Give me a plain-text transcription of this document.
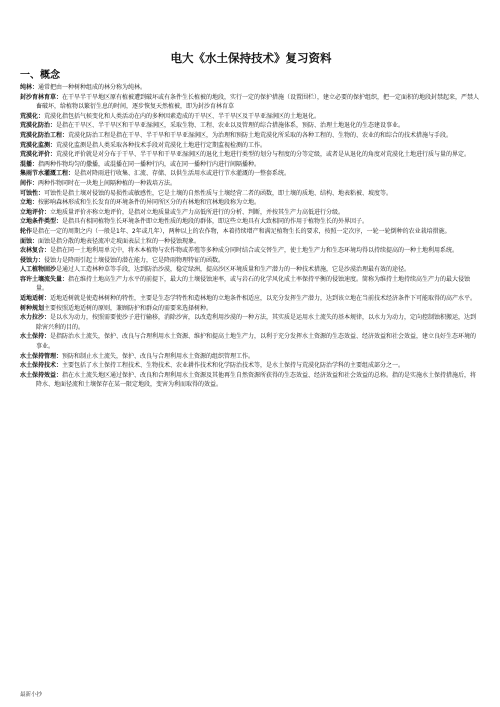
电大《水土保持技术》复习资料
一、概念

纯林：通常把由一种树种组成的林分称为纯林。

封沙育林育草：在干旱半干旱地区原有植被遭到破坏或有条件生长植被的地段，实行一定的保护措施（设置围栏），建立必要的保护组织，把一定面积的地段封禁起来，严禁人畜破坏，给植物以繁衍生息的时间，逐步恢复天然植被，即为封沙育林育草

荒漠化：荒漠化指包括气候变化和人类活动在内的多种因素造成的干旱区、半干旱区及干旱亚湿润区的土地退化。

荒漠化防治：是指在干旱区、半干旱区和干旱亚湿润区，采取生物、工程、农业以及管理的综合措施体系，预防、治理土地退化的生态建设事业。

荒漠化防治工程：荒漠化防治工程是指在干旱、半干旱和干旱亚湿润区，为治理和预防土地荒漠化所采取的各种工程的、生物的、农业的和综合的技术措施与手段。

荒漠化监测：荒漠化监测是指人类采取各种技术手段对荒漠化土地进行定期监视检测的工作。

荒漠化评价：荒漠化评价就是对分布于干旱、半干旱和干旱亚湿润区的退化土地进行类型的划分与程度的分等定级，或者是从退化的角度对荒漠化土地进行质与量的界定。

混播：指两种作物均匀的撒播，或混播在同一播种行内，或在同一播种行内进行间隔播种。

集雨节水灌溉工程：是指对降雨进行收集、汇流、存储、以供生活用水或进行节水灌溉的一整套系统。

间作：两种作物同时在一块地上间隔种植的一种栽培方法。

可蚀性：可蚀性是指土壤对侵蚀的易损性或敏感性，它是土壤的自然性质与土壤经营二者的函数，即土壤的质地、结构、地表粘被、坡度等。

立地：按影响森林形成和生长发育的环境条件的异同所区分的有林地和宜林地段称为立地。

立地评价：立地质量评价亦称立地评价，是指对立地质量或生产力高低所进行的分析、判断，并按其生产力高低进行分级。

立地条件类型：是指具有相同植物生长环境条件即立地性质的地段的群体，即这些立地具有大致相同的作用于植物生长的外界因子。

轮作是指在一定的周期之内（一般是1年、2年或几年），两种以上的农作物，本着持续增产和满足植物生长的要求，按照一定次序，一轮一轮倒种的农业栽培措施。

面蚀：面蚀是指分散的地表径流冲走坡面表层土粒的一种侵蚀现象。

农林复合：是指在同一土地利用单元中，将木本植物与农作物或养殖等多种成分同时结合或交替生产，使土地生产力和生态环境均得以持续提高的一种土地利用系统。

侵蚀力：侵蚀力是降雨引起土壤侵蚀的潜在能力，它是降雨物理特征的函数。

人工植物固沙是通过人工造林种草等手段，达到防治沙漠，稳定绿洲，提高沙区环境质量和生产潜力的一种技术措施，它是沙漠治理最有效的途径。

容许土壤流失量：指在维持土地高生产力水平的前提下，最大的土壤侵蚀速率，或与岩石的化学风化成土率保持平衡的侵蚀速度。简称为维持土地持续高生产力的最大侵蚀量。

适地适树：适地适树就是使造林树种的特性，主要是生态学特性和造林地的立地条件相适应，以充分发挥生产潜力，达到该立地在当前技术经济条件下可能取得的高产水平。

树种规划主要按照适地适树的原则，兼顾防护和群众的需要来选择树种。

水力拉沙：是以水为动力，按照需要使沙子进行输移，消除沙害，以改造利用沙漠的一种方法，其实质是运用水土流失的基本规律，以水力为动力，定向控制蚀积搬运，达到除害兴利的目的。

水土保持：是指防治水土流失，保护、改良与合理利用水土资源、维护和提高土地生产力，以利于充分发挥水土资源的生态效益、经济效益和社会效益，建立良好生态环境的事业。

水土保持管理：预防和制止水土流失，保护、改良与合理利用水土资源的组织管理工作。

水土保持技术：主要包括了水土保持工程技术、生物技术、农业耕作技术和化学防治技术等，是水土保持与荒漠化防治学科的主要组成部分之一。

水土保持效益：指在水土流失地区通过保护、改良和合理利用水土资源及其他再生自然资源所获得的生态效益、经济效益和社会效益的总称。指的是实施水土保持措施后，将降水、地面径流和土壤保存在某一限定地段，变害为利而取得的效益。

最新小抄
